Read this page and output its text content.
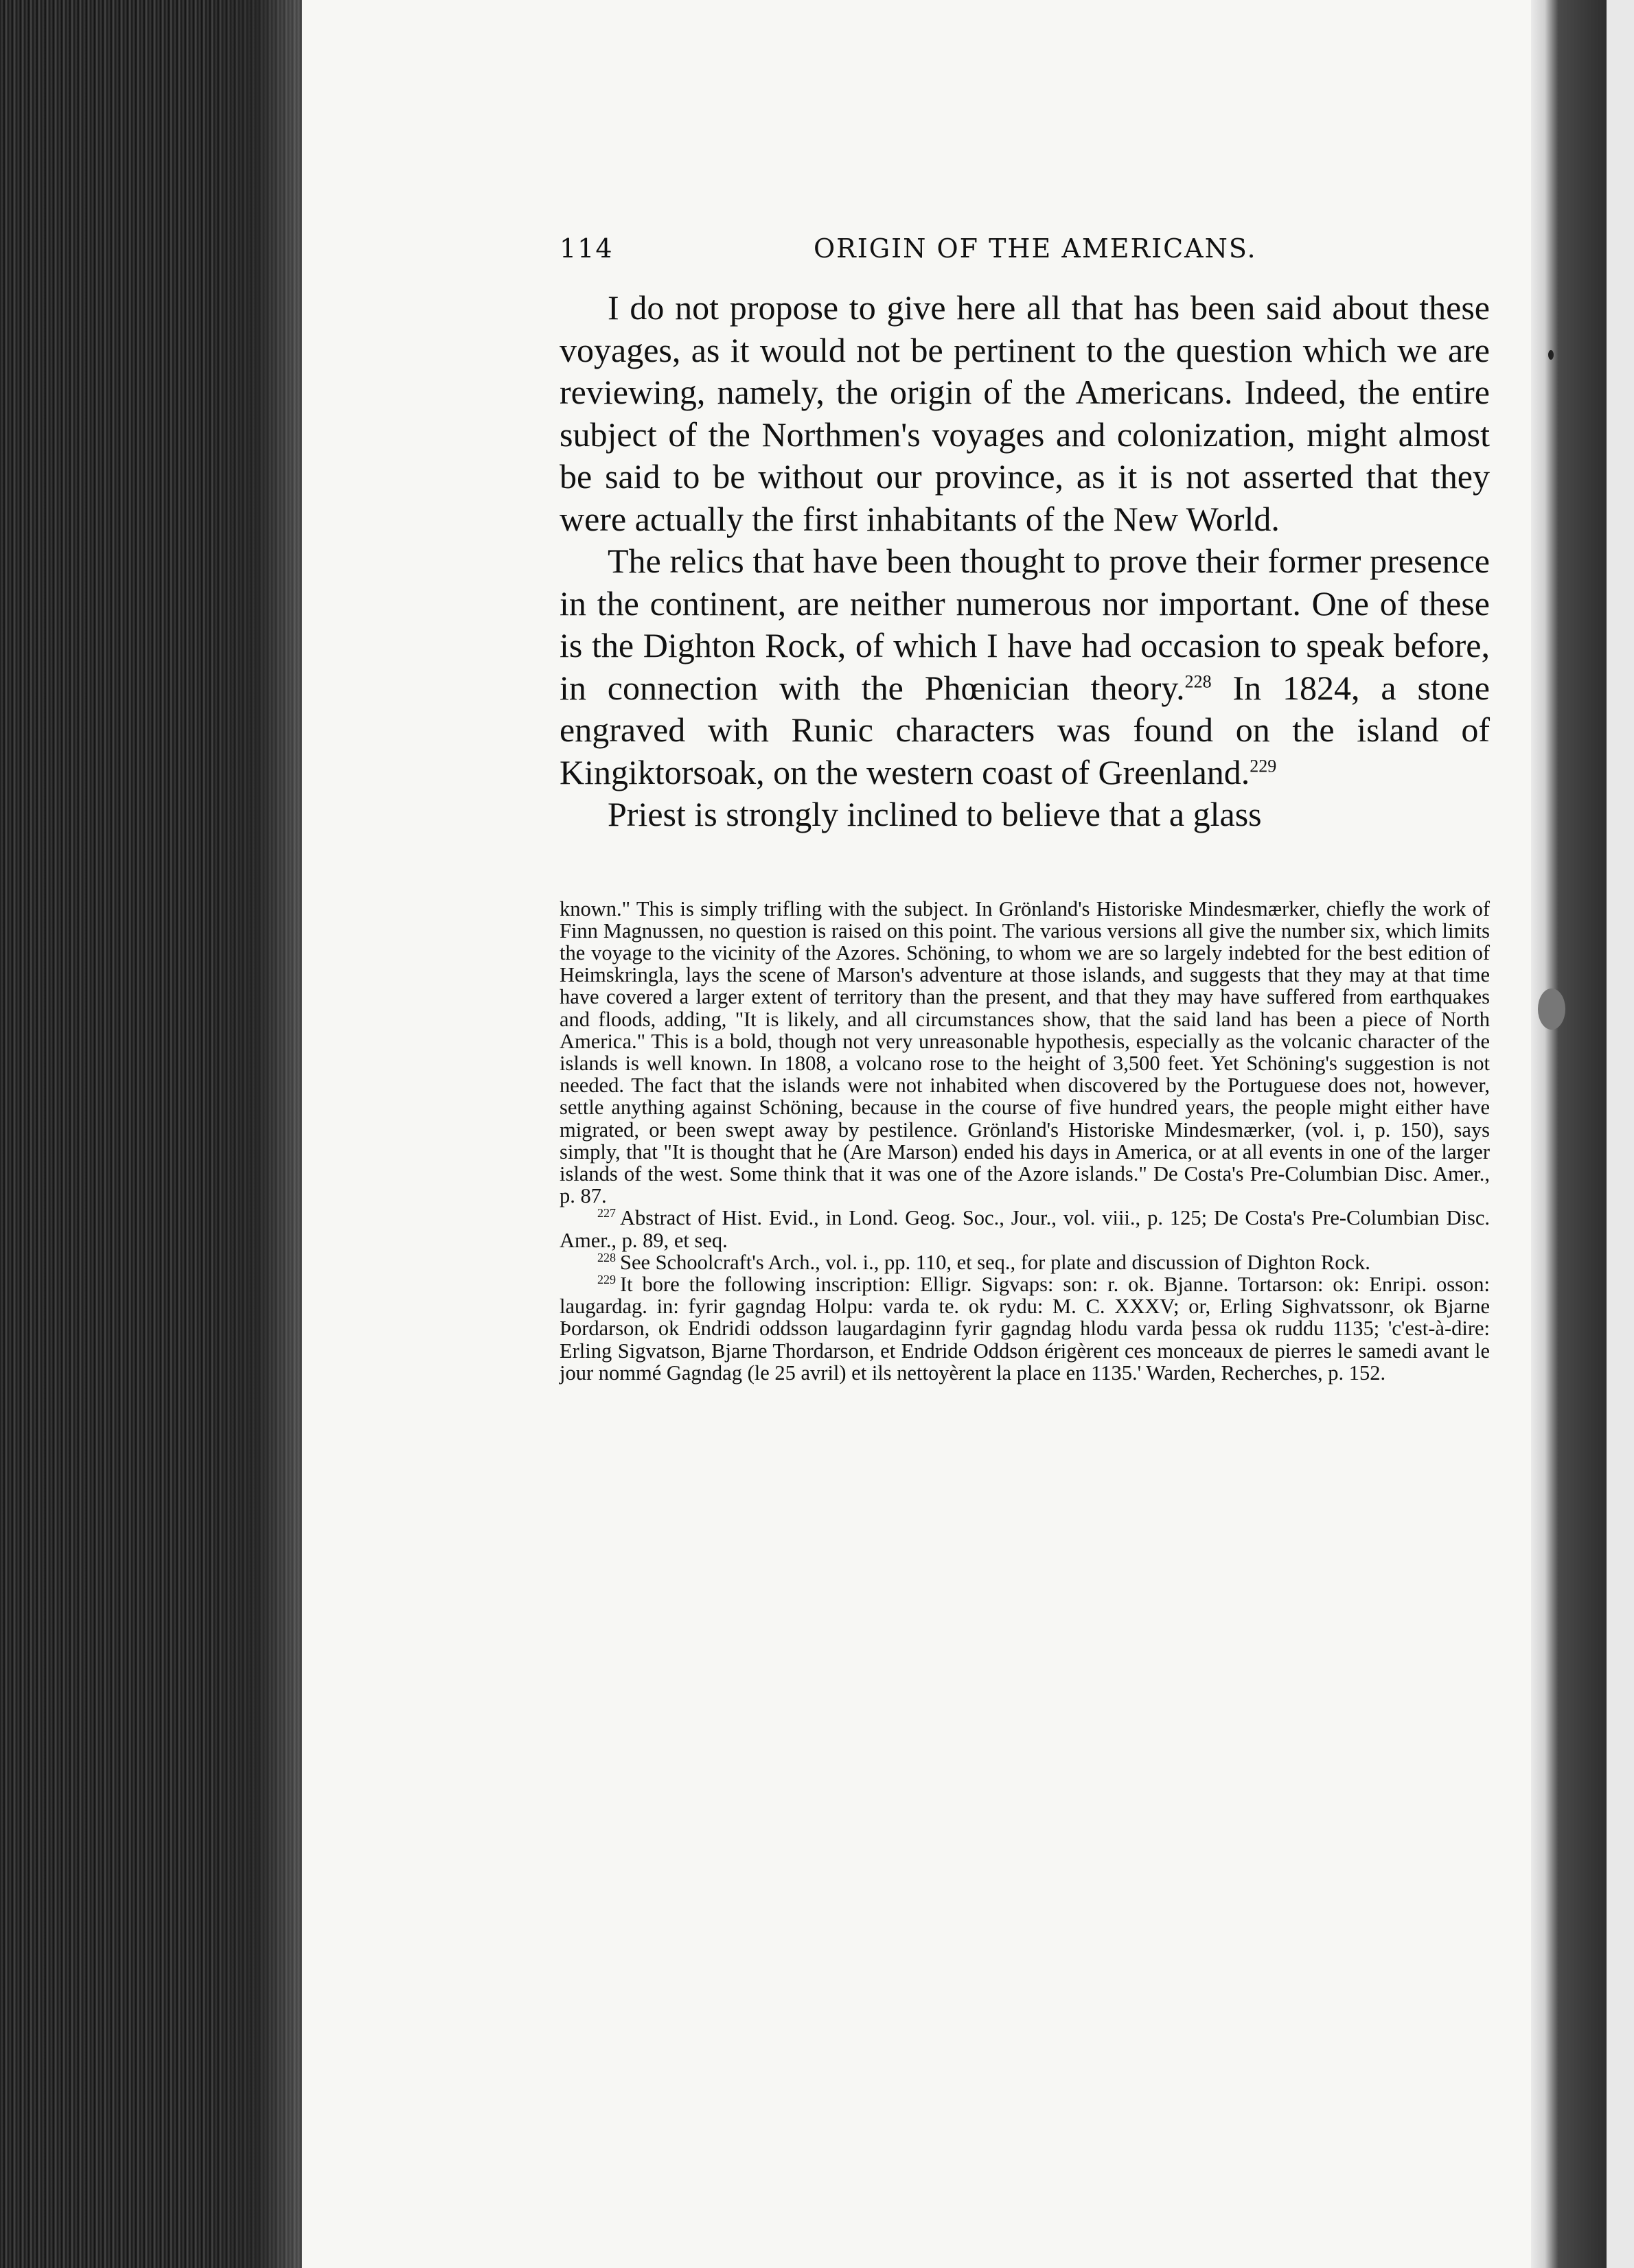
114	ORIGIN OF THE AMERICANS.

I do not propose to give here all that has been said about these voyages, as it would not be pertinent to the question which we are reviewing, namely, the origin of the Americans. Indeed, the entire subject of the Northmen's voyages and colonization, might almost be said to be without our province, as it is not asserted that they were actually the first inhabitants of the New World.

The relics that have been thought to prove their former presence in the continent, are neither numerous nor important. One of these is the Dighton Rock, of which I have had occasion to speak before, in connection with the Phœnician theory.$^{228}$ In 1824, a stone engraved with Runic characters was found on the island of Kingiktorsoak, on the western coast of Greenland.$^{229}$

Priest is strongly inclined to believe that a glass

known." This is simply trifling with the subject. In Grönland's Historiske Mindesmærker, chiefly the work of Finn Magnussen, no question is raised on this point. The various versions all give the number six, which limits the voyage to the vicinity of the Azores. Schöning, to whom we are so largely indebted for the best edition of Heimskringla, lays the scene of Marson's adventure at those islands, and suggests that they may at that time have covered a larger extent of territory than the present, and that they may have suffered from earthquakes and floods, adding, "It is likely, and all circumstances show, that the said land has been a piece of North America." This is a bold, though not very unreasonable hypothesis, especially as the volcanic character of the islands is well known. In 1808, a volcano rose to the height of 3,500 feet. Yet Schöning's suggestion is not needed. The fact that the islands were not inhabited when discovered by the Portuguese does not, however, settle anything against Schöning, because in the course of five hundred years, the people might either have migrated, or been swept away by pestilence. Grönland's Historiske Mindesmærker, (vol. i, p. 150), says simply, that "It is thought that he (Are Marson) ended his days in America, or at all events in one of the larger islands of the west. Some think that it was one of the Azore islands." De Costa's Pre-Columbian Disc. Amer., p. 87.

$^{227}$ Abstract of Hist. Evid., in Lond. Geog. Soc., Jour., vol. viii., p. 125; De Costa's Pre-Columbian Disc. Amer., p. 89, et seq.

$^{228}$ See Schoolcraft's Arch., vol. i., pp. 110, et seq., for plate and discussion of Dighton Rock.

$^{229}$ It bore the following inscription: Elligr. Sigvaps: son: r. ok. Bjanne. Tortarson: ok: Enripi. osson: laugardag. in: fyrir gagndag Holpu: varda te. ok rydu: M. C. XXXV; or, Erling Sighvatssonr, ok Bjarne Þordarson, ok Endridi oddsson laugardaginn fyrir gagndag hlodu varda þessa ok ruddu 1135; 'c'est-à-dire: Erling Sigvatson, Bjarne Thordarson, et Endride Oddson érigèrent ces monceaux de pierres le samedi avant le jour nommé Gagndag (le 25 avril) et ils nettoyèrent la place en 1135.' Warden, Recherches, p. 152.
